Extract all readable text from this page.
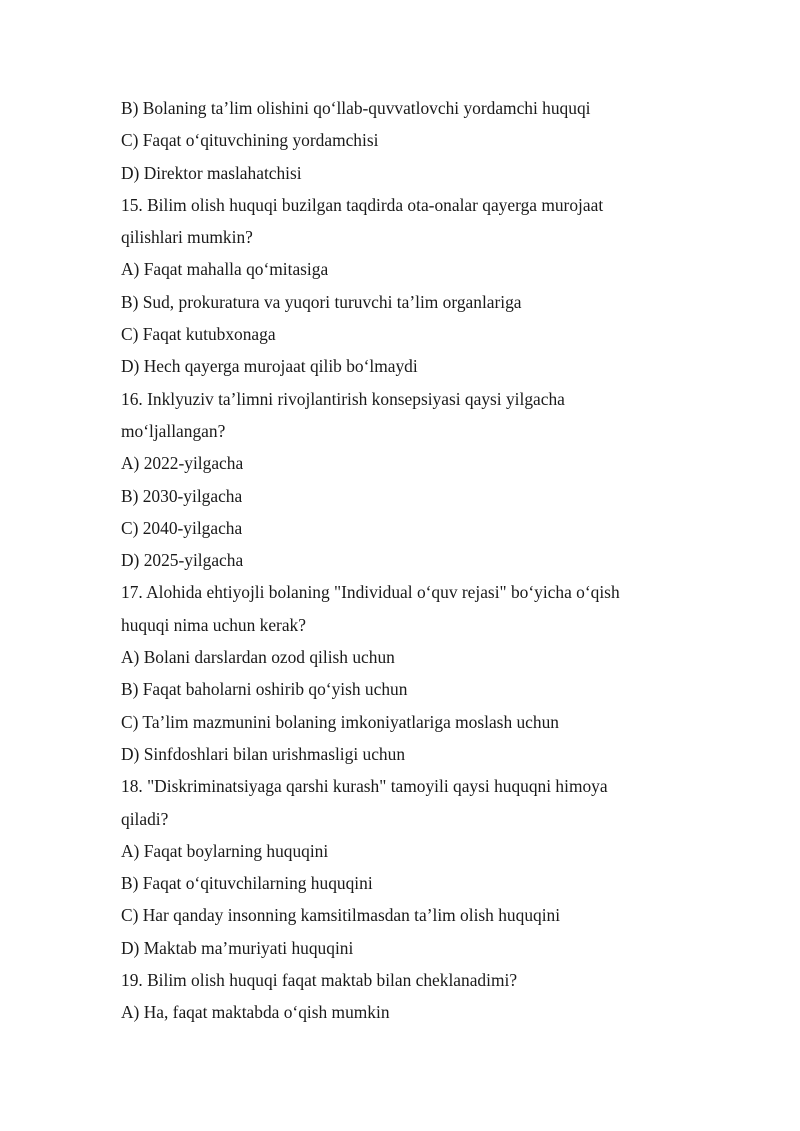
B) Bolaning ta’lim olishini qo‘llab-quvvatlovchi yordamchi huquqi
C) Faqat o‘qituvchining yordamchisi
D) Direktor maslahatchisi
15. Bilim olish huquqi buzilgan taqdirda ota-onalar qayerga murojaat
qilishlari mumkin?
A) Faqat mahalla qo‘mitasiga
B) Sud, prokuratura va yuqori turuvchi ta’lim organlariga
C) Faqat kutubxonaga
D) Hech qayerga murojaat qilib bo‘lmaydi
16. Inklyuziv ta’limni rivojlantirish konsepsiyasi qaysi yilgacha
mo‘ljallangan?
A) 2022-yilgacha
B) 2030-yilgacha
C) 2040-yilgacha
D) 2025-yilgacha
17. Alohida ehtiyojli bolaning "Individual o‘quv rejasi" bo‘yicha o‘qish
huquqi nima uchun kerak?
A) Bolani darslardan ozod qilish uchun
B) Faqat baholarni oshirib qo‘yish uchun
C) Ta’lim mazmunini bolaning imkoniyatlariga moslash uchun
D) Sinfdoshlari bilan urishmasligi uchun
18. "Diskriminatsiyaga qarshi kurash" tamoyili qaysi huquqni himoya
qiladi?
A) Faqat boylarning huquqini
B) Faqat o‘qituvchilarning huquqini
C) Har qanday insonning kamsitilmasdan ta’lim olish huquqini
D) Maktab ma’muriyati huquqini
19. Bilim olish huquqi faqat maktab bilan cheklanadimi?
A) Ha, faqat maktabda o‘qish mumkin
